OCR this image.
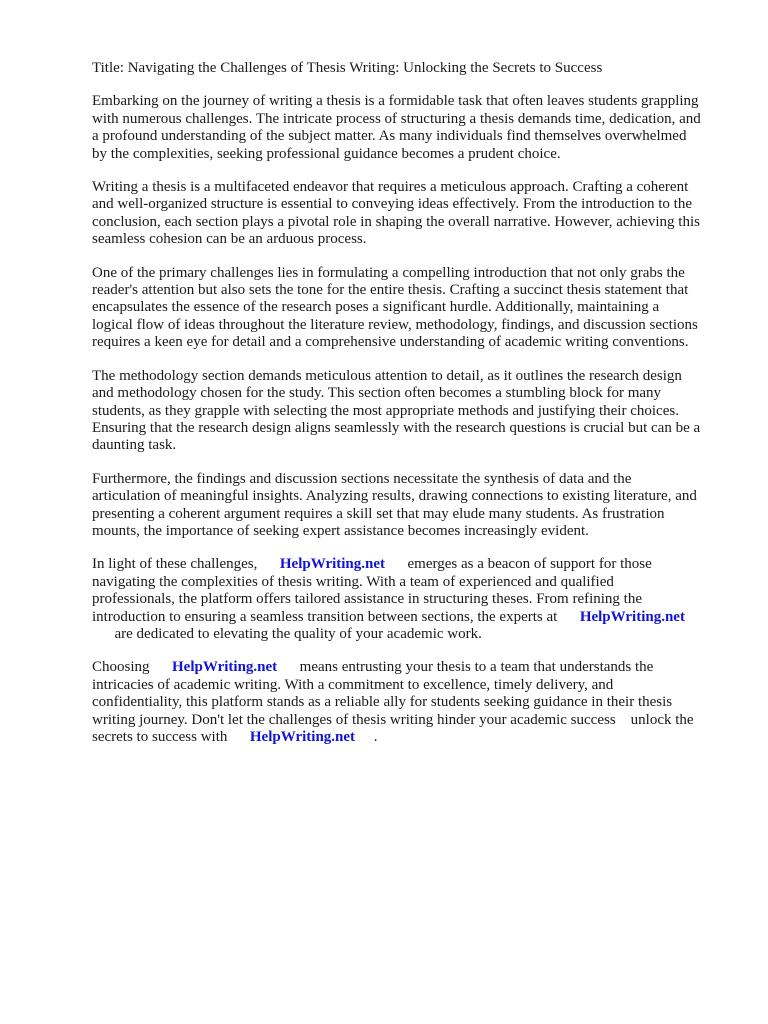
Title: Navigating the Challenges of Thesis Writing: Unlocking the Secrets to Success
Embarking on the journey of writing a thesis is a formidable task that often leaves students grappling
with numerous challenges. The intricate process of structuring a thesis demands time, dedication, and
a profound understanding of the subject matter. As many individuals find themselves overwhelmed
by the complexities, seeking professional guidance becomes a prudent choice.
Writing a thesis is a multifaceted endeavor that requires a meticulous approach. Crafting a coherent
and well-organized structure is essential to conveying ideas effectively. From the introduction to the
conclusion, each section plays a pivotal role in shaping the overall narrative. However, achieving this
seamless cohesion can be an arduous process.
One of the primary challenges lies in formulating a compelling introduction that not only grabs the
reader's attention but also sets the tone for the entire thesis. Crafting a succinct thesis statement that
encapsulates the essence of the research poses a significant hurdle. Additionally, maintaining a
logical flow of ideas throughout the literature review, methodology, findings, and discussion sections
requires a keen eye for detail and a comprehensive understanding of academic writing conventions.
The methodology section demands meticulous attention to detail, as it outlines the research design
and methodology chosen for the study. This section often becomes a stumbling block for many
students, as they grapple with selecting the most appropriate methods and justifying their choices.
Ensuring that the research design aligns seamlessly with the research questions is crucial but can be a
daunting task.
Furthermore, the findings and discussion sections necessitate the synthesis of data and the
articulation of meaningful insights. Analyzing results, drawing connections to existing literature, and
presenting a coherent argument requires a skill set that may elude many students. As frustration
mounts, the importance of seeking expert assistance becomes increasingly evident.
In light of these challenges,      HelpWriting.net      emerges as a beacon of support for those
navigating the complexities of thesis writing. With a team of experienced and qualified
professionals, the platform offers tailored assistance in structuring theses. From refining the
introduction to ensuring a seamless transition between sections, the experts at      HelpWriting.net
are dedicated to elevating the quality of your academic work.
Choosing      HelpWriting.net      means entrusting your thesis to a team that understands the
intricacies of academic writing. With a commitment to excellence, timely delivery, and
confidentiality, this platform stands as a reliable ally for students seeking guidance in their thesis
writing journey. Don't let the challenges of thesis writing hinder your academic success    unlock the
secrets to success with      HelpWriting.net     .
